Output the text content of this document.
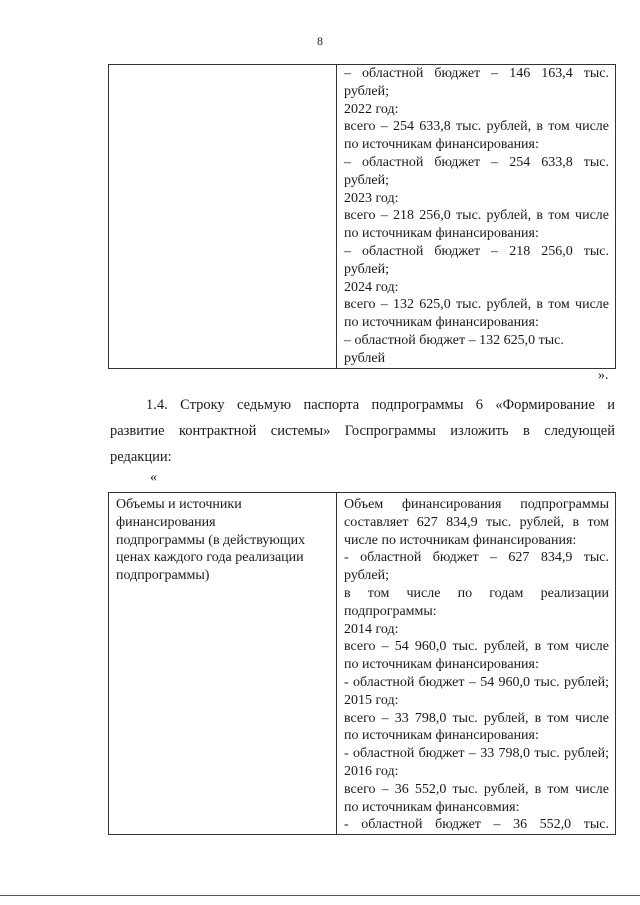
8

– областной бюджет – 146 163,4 тыс.
рублей;
2022 год:
всего – 254 633,8 тыс. рублей, в том числе
по источникам финансирования:
– областной бюджет – 254 633,8 тыс.
рублей;
2023 год:
всего – 218 256,0 тыс. рублей, в том числе
по источникам финансирования:
– областной бюджет – 218 256,0 тыс.
рублей;
2024 год:
всего – 132 625,0 тыс. рублей, в том числе
по источникам финансирования:
– областной бюджет – 132 625,0 тыс.
рублей
».
1.4. Строку седьмую паспорта подпрограммы 6 «Формирование и
развитие контрактной системы» Госпрограммы изложить в следующей
редакции:
«
Объемы и источники
финансирования
подпрограммы (в действующих
ценах каждого года реализации
подпрограммы)

Объем финансирования подпрограммы
составляет 627 834,9 тыс. рублей, в том
числе по источникам финансирования:
- областной бюджет – 627 834,9 тыс.
рублей;
в том числе по годам реализации
подпрограммы:
2014 год:
всего – 54 960,0 тыс. рублей, в том числе
по источникам финансирования:
- областной бюджет – 54 960,0 тыс. рублей;
2015 год:
всего – 33 798,0 тыс. рублей, в том числе
по источникам финансирования:
- областной бюджет – 33 798,0 тыс. рублей;
2016 год:
всего – 36 552,0 тыс. рублей, в том числе
по источникам финансовмия:
- областной бюджет – 36 552,0 тыс.
